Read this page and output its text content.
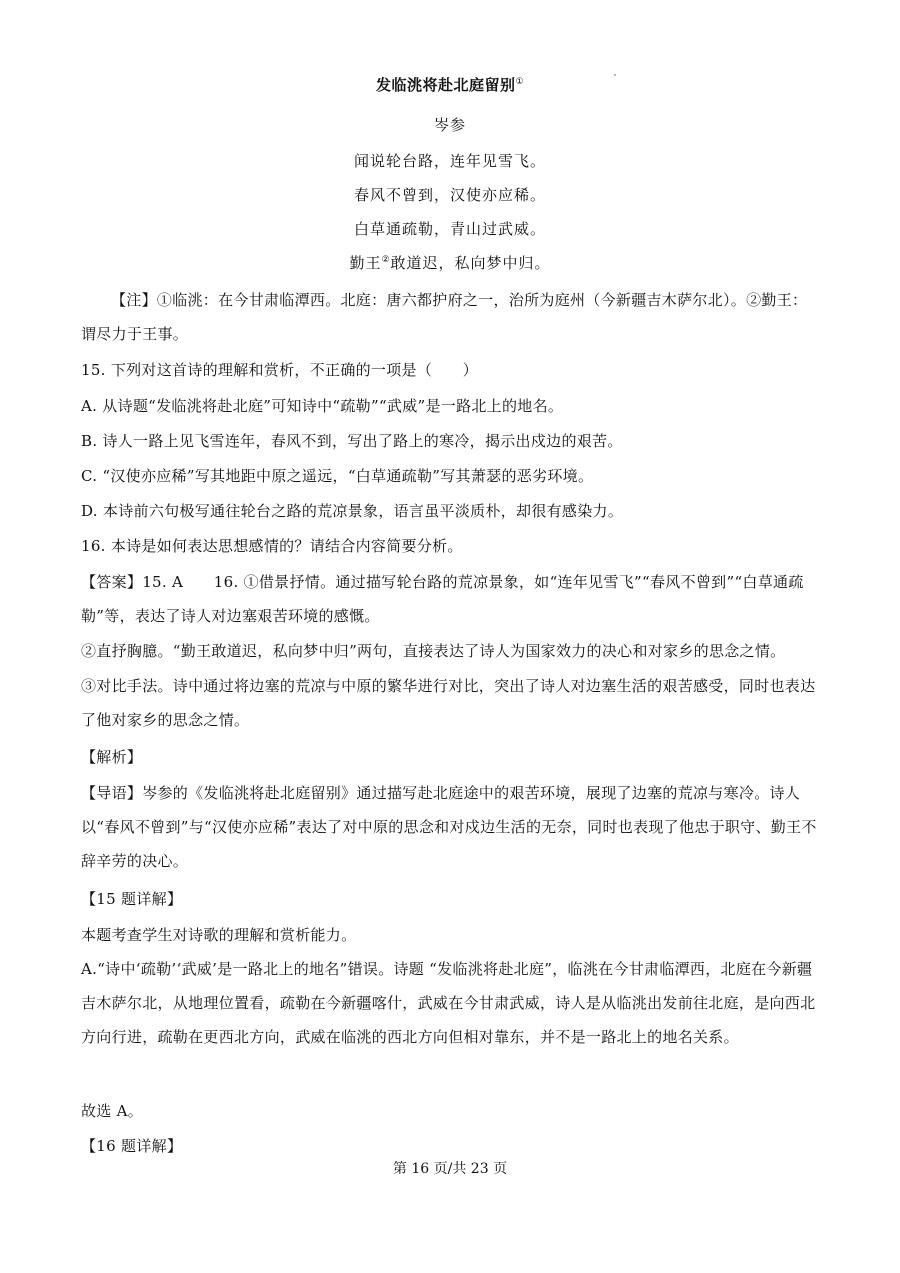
发临洮将赴北庭留别①
岑参
闻说轮台路，连年见雪飞。
春风不曾到，汉使亦应稀。
白草通疏勒，青山过武威。
勤王②敢道迟，私向梦中归。
【注】①临洮：在今甘肃临潭西。北庭：唐六都护府之一，治所为庭州（今新疆吉木萨尔北）。②勤王：谓尽力于王事。
15. 下列对这首诗的理解和赏析，不正确的一项是（　　）
A. 从诗题“发临洮将赴北庭”可知诗中“疏勒”“武威”是一路北上的地名。
B. 诗人一路上见飞雪连年，春风不到，写出了路上的寒冷，揭示出戍边的艰苦。
C. “汉使亦应稀”写其地距中原之遥远，“白草通疏勒”写其萧瑟的恶劣环境。
D. 本诗前六句极写通往轮台之路的荒凉景象，语言虽平淡质朴，却很有感染力。
16. 本诗是如何表达思想感情的？请结合内容简要分析。
【答案】15. A　　16. ①借景抒情。通过描写轮台路的荒凉景象，如“连年见雪飞”“春风不曾到”“白草通疏勒”等，表达了诗人对边塞艰苦环境的感慨。
②直抒胸臆。“勤王敢道迟，私向梦中归”两句，直接表达了诗人为国家效力的决心和对家乡的思念之情。
③对比手法。诗中通过将边塞的荒凉与中原的繁华进行对比，突出了诗人对边塞生活的艰苦感受，同时也表达了他对家乡的思念之情。
【解析】
【导语】岑参的《发临洮将赴北庭留别》通过描写赴北庭途中的艰苦环境，展现了边塞的荒凉与寒冷。诗人以“春风不曾到”与“汉使亦应稀”表达了对中原的思念和对戍边生活的无奈，同时也表现了他忠于职守、勤王不辞辛劳的决心。
【15 题详解】
本题考查学生对诗歌的理解和赏析能力。
A.“诗中‘疏勒’‘武威’是一路北上的地名”错误。诗题 “发临洮将赴北庭”，临洮在今甘肃临潭西，北庭在今新疆吉木萨尔北，从地理位置看，疏勒在今新疆喀什，武威在今甘肃武威，诗人是从临洮出发前往北庭，是向西北方向行进，疏勒在更西北方向，武威在临洮的西北方向但相对靠东，并不是一路北上的地名关系。
故选 A。
【16 题详解】
第 16 页/共 23 页
